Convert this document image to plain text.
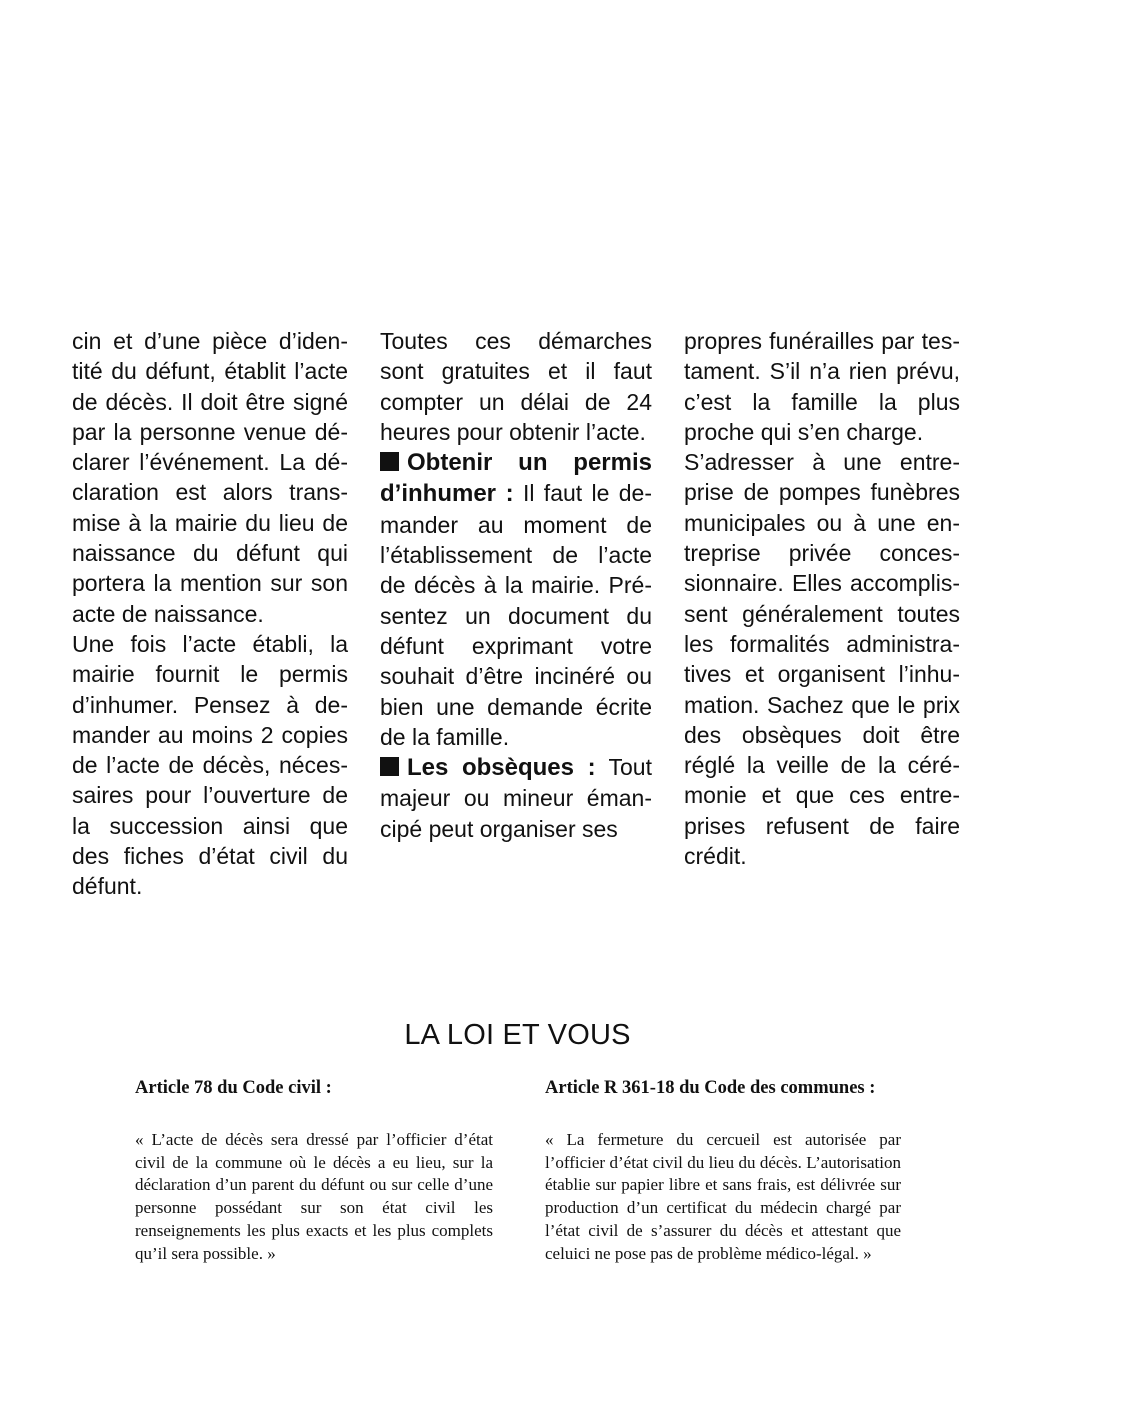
cin et d’une pièce d’identité du défunt, établit l’acte de décès. Il doit être signé par la personne venue déclarer l’événement. La déclaration est alors transmise à la mairie du lieu de naissance du défunt qui portera la mention sur son acte de naissance.

Une fois l’acte établi, la mairie fournit le permis d’inhumer. Pensez à demander au moins 2 copies de l’acte de décès, nécessaires pour l’ouverture de la succession ainsi que des fiches d’état civil du défunt.

Toutes ces démarches sont gratuites et il faut compter un délai de 24 heures pour obtenir l’acte.

Obtenir un permis d’inhumer : Il faut le demander au moment de l’établissement de l’acte de décès à la mairie. Présentez un document du défunt exprimant votre souhait d’être incinéré ou bien une demande écrite de la famille.

Les obsèques : Tout majeur ou mineur émancipé peut organiser ses

propres funérailles par testament. S’il n’a rien prévu, c’est la famille la plus proche qui s’en charge.

S’adresser à une entreprise de pompes funèbres municipales ou à une entreprise privée concessionnaire. Elles accomplissent généralement toutes les formalités administratives et organisent l’inhumation. Sachez que le prix des obsèques doit être réglé la veille de la cérémonie et que ces entreprises refusent de faire crédit.

LA LOI ET VOUS

Article 78 du Code civil :

« L’acte de décès sera dressé par l’officier d’état civil de la commune où le décès a eu lieu, sur la déclaration d’un parent du défunt ou sur celle d’une personne possédant sur son état civil les renseignements les plus exacts et les plus complets qu’il sera possible. »

Article R 361-18 du Code des communes :

« La fermeture du cercueil est autorisée par l’officier d’état civil du lieu du décès. L’autorisation établie sur papier libre et sans frais, est délivrée sur production d’un certificat du médecin chargé par l’état civil de s’assurer du décès et attestant que celuici ne pose pas de problème médico-légal. »
